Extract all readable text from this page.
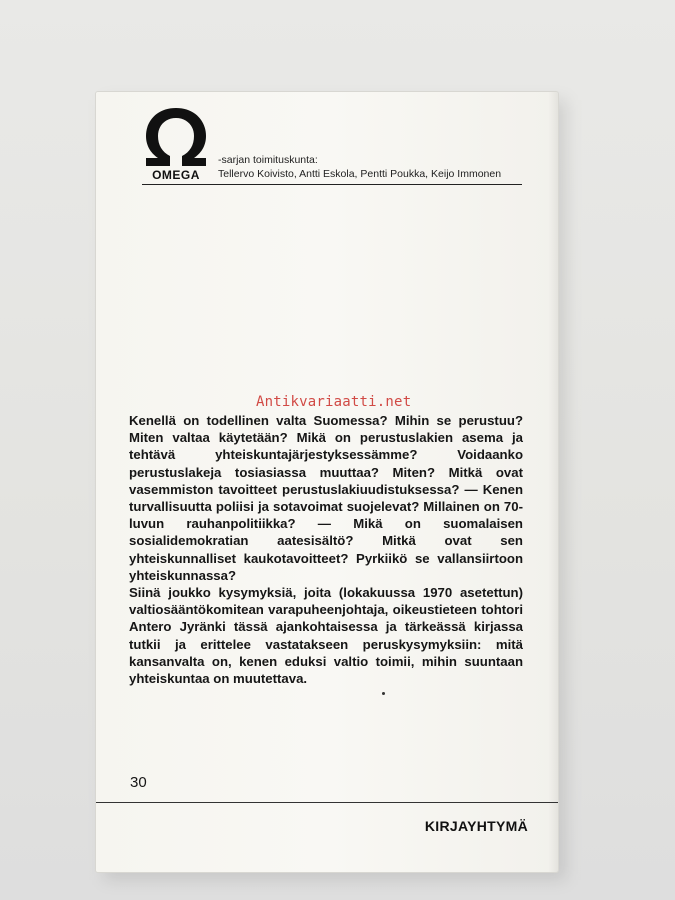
OMEGA
-sarjan toimituskunta:
Tellervo Koivisto, Antti Eskola, Pentti Poukka, Keijo Immonen
Antikvariaatti.net

Kenellä on todellinen valta Suomessa? Mihin se perustuu? Miten valtaa käytetään? Mikä on perustuslakien asema ja tehtävä yhteiskuntajärjestyksessämme? Voidaanko perustuslakeja tosiasiassa muuttaa? Miten? Mitkä ovat vasemmiston tavoitteet perustuslakiuudistuksessa? — Kenen turvallisuutta poliisi ja sotavoimat suojelevat? Millainen on 70-luvun rauhanpolitiikka? — Mikä on suomalaisen sosialidemokratian aatesisältö? Mitkä ovat sen yhteiskunnalliset kaukotavoitteet? Pyrkiikö se vallansiirtoon yhteiskunnassa?

Siinä joukko kysymyksiä, joita (lokakuussa 1970 asetettun) valtiosääntökomitean varapuheenjohtaja, oikeustieteen tohtori Antero Jyränki tässä ajankohtaisessa ja tärkeässä kirjassa tutkii ja erittelee vastatakseen peruskysymyksiin: mitä kansanvalta on, kenen eduksi valtio toimii, mihin suuntaan yhteiskuntaa on muutettava.

30
KIRJAYHTYMÄ
